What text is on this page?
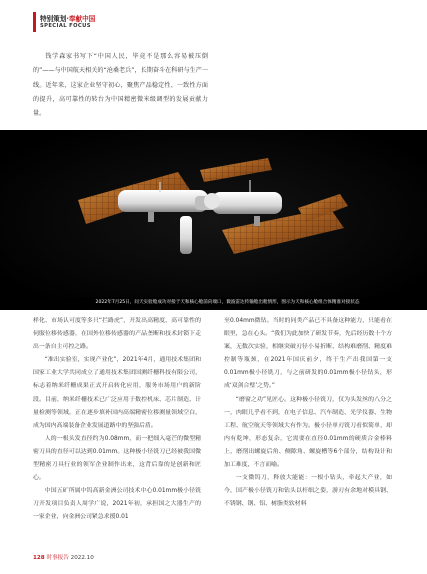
特别策划·奉献中国
SPECIAL FOCUS

钱学森家书写下“中国人民，毕竟不是那么容易被压倒的”——与中国航天相关的“沧桑老兵”，长期奋斗在科研与生产一线。近年来，这家企业坚守初心，聚焦产品稳定性、一致性方面的提升，高可靠性的转台为中国精密微米级调型的发展贡献力量。

2022年7月25日，问天实验舱成功对接于天和核心舱前向端口，微波雷达传输舱出舱情形，图示为天和核心舱组合体精准对接状态

样化、市场认可度等多只“拦路虎”，开发出高精度、高可靠性的伺服位移传感器，在国外位移传感器的产品垄断和技术封锁下走出一条自主可控之路。

“准出实验室，实现产业化”，2021年4月，通用技术集团和国家工业大学共同成立了通用技术集团国测纤栅科技有限公司，标志着纳米纤栅成果正式开启转化应用，服务市场用户的新阶段。目前，纳米纤栅技术已广泛应用于数控机床、芯片制造、计量检测等领域，正在逐步填补国内高端精密位移测量领域空白，成为国内高端装备企业发展道路中的坚强后盾。

人的一根头发直径约为0.08mm，而一把细入毫芒的微型精密刀具的直径可以达到0.01mm。这种极小径铣刀已经被我国微型精密刀具行业的领军企业制作出来，这背后靠的是创新和匠心。

中国五矿所属中钨高新金洲公司技术中心0.01mm极小径铣刀开发项目负责人周学广说，2021年初，承担国之大器生产的一家企业，向金洲公司紧急求援0.01

至0.04mm微钻。当时的同类产品已不具备这种能力，只能看在眼里，急在心头。“我们为此加快了研发节奏，先后经历数十个方案，无数次实验，相继突破刃径小易折断、结构难磨削、精度难控制等瓶颈，在2021年国庆前夕，终于生产出我国第一支0.01mm极小径铣刀，与之前研发的0.01mm极小径钻头，形成‘双剑合璧’之势。”

“磨窗之功”见匠心。这种极小径铣刀，仅为头发丝的八分之一，肉眼几乎看不到，在电子信息、汽车制造、光学仪器、生物工程、航空航天等领域大有作为。极小径单刃铣刀看似简单，却内有乾坤，形态复杂，它需要在直径0.01mm的硬质合金棒料上，磨削出螺旋后角、侧隙角、螺旋槽等6个部分，结构设计和加工难度，不言而喻。

一支微钨刀，释放大能能：一根小钻头，牵起大产业，如今，国产极小径铣刀和钻头以杆细之姿，游刃有余地对模具钢、不锈钢、钢、铝、树脂类软材料

128 时事报告 2022.10
